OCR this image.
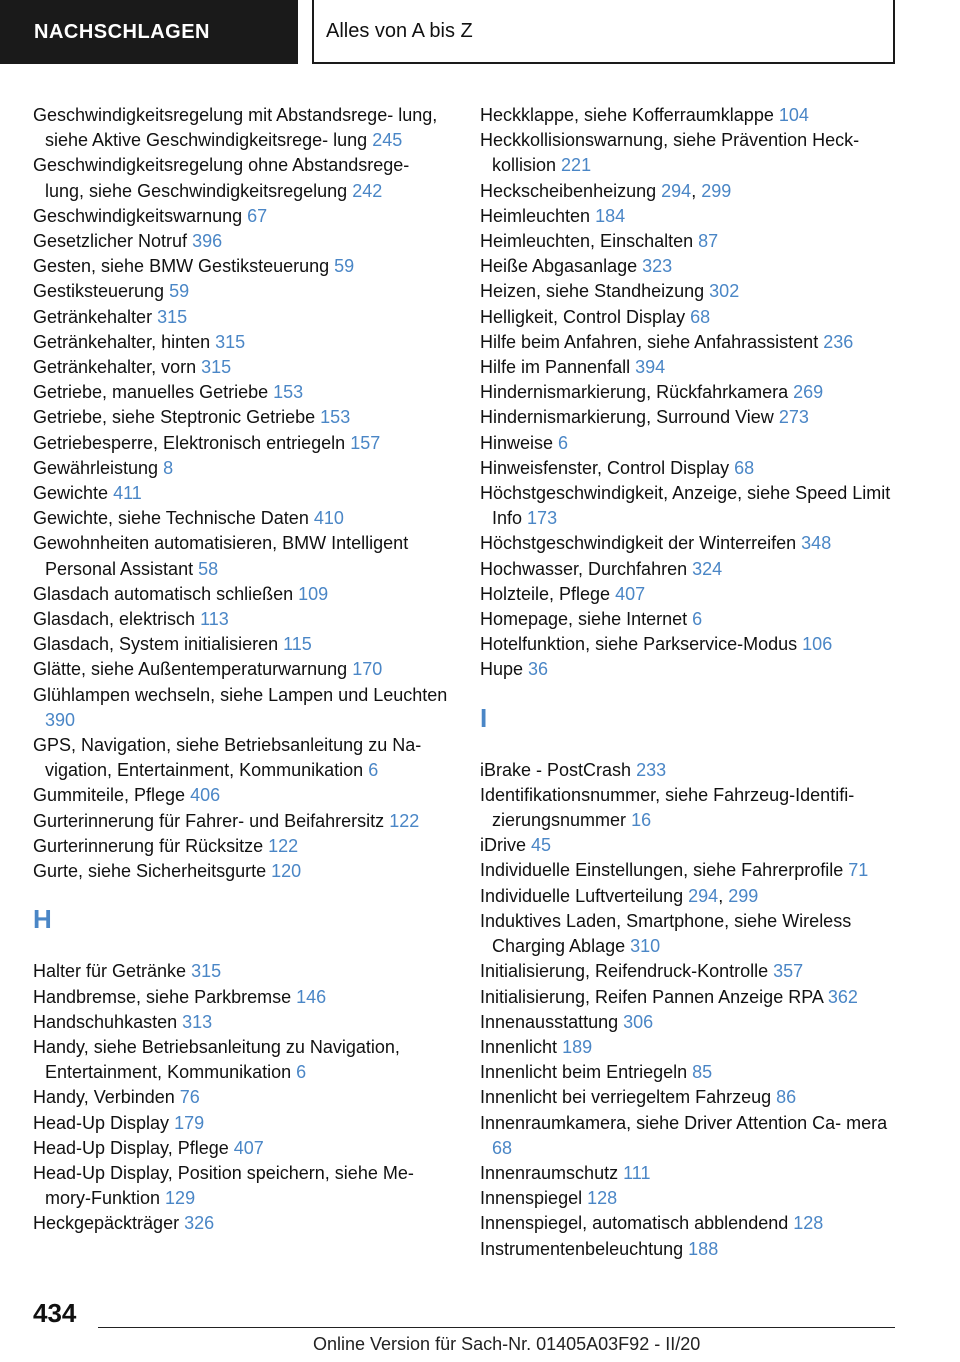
NACHSCHLAGEN	Alles von A bis Z

Geschwindigkeitsregelung mit Abstandsrege‐ lung, siehe Aktive Geschwindigkeitsrege‐ lung 245

Geschwindigkeitsregelung ohne Abstandsrege‐ lung, siehe Geschwindigkeitsregelung 242

Geschwindigkeitswarnung 67

Gesetzlicher Notruf 396

Gesten, siehe BMW Gestiksteuerung 59

Gestiksteuerung 59

Getränkehalter 315

Getränkehalter, hinten 315

Getränkehalter, vorn 315

Getriebe, manuelles Getriebe 153

Getriebe, siehe Steptronic Getriebe 153

Getriebesperre, Elektronisch entriegeln 157

Gewährleistung 8

Gewichte 411

Gewichte, siehe Technische Daten 410

Gewohnheiten automatisieren, BMW Intelligent Personal Assistant 58

Glasdach automatisch schließen 109

Glasdach, elektrisch 113

Glasdach, System initialisieren 115

Glätte, siehe Außentemperaturwarnung 170

Glühlampen wechseln, siehe Lampen und Leuchten 390

GPS, Navigation, siehe Betriebsanleitung zu Na‐ vigation, Entertainment, Kommunikation 6

Gummiteile, Pflege 406

Gurterinnerung für Fahrer- und Beifahrersitz 122

Gurterinnerung für Rücksitze 122

Gurte, siehe Sicherheitsgurte 120

H

Halter für Getränke 315

Handbremse, siehe Parkbremse 146

Handschuhkasten 313

Handy, siehe Betriebsanleitung zu Navigation, Entertainment, Kommunikation 6

Handy, Verbinden 76

Head-Up Display 179

Head-Up Display, Pflege 407

Head-Up Display, Position speichern, siehe Me‐ mory-Funktion 129

Heckgepäckträger 326

Heckklappe, siehe Kofferraumklappe 104

Heckkollisionswarnung, siehe Prävention Heck‐ kollision 221

Heckscheibenheizung 294, 299

Heimleuchten 184

Heimleuchten, Einschalten 87

Heiße Abgasanlage 323

Heizen, siehe Standheizung 302

Helligkeit, Control Display 68

Hilfe beim Anfahren, siehe Anfahrassistent 236

Hilfe im Pannenfall 394

Hindernismarkierung, Rückfahrkamera 269

Hindernismarkierung, Surround View 273

Hinweise 6

Hinweisfenster, Control Display 68

Höchstgeschwindigkeit, Anzeige, siehe Speed Limit Info 173

Höchstgeschwindigkeit der Winterreifen 348

Hochwasser, Durchfahren 324

Holzteile, Pflege 407

Homepage, siehe Internet 6

Hotelfunktion, siehe Parkservice-Modus 106

Hupe 36

I

iBrake - PostCrash 233

Identifikationsnummer, siehe Fahrzeug-Identifi‐ zierungsnummer 16

iDrive 45

Individuelle Einstellungen, siehe Fahrerprofile 71

Individuelle Luftverteilung 294, 299

Induktives Laden, Smartphone, siehe Wireless Charging Ablage 310

Initialisierung, Reifendruck-Kontrolle 357

Initialisierung, Reifen Pannen Anzeige RPA 362

Innenausstattung 306

Innenlicht 189

Innenlicht beim Entriegeln 85

Innenlicht bei verriegeltem Fahrzeug 86

Innenraumkamera, siehe Driver Attention Ca‐ mera 68

Innenraumschutz 111

Innenspiegel 128

Innenspiegel, automatisch abblendend 128

Instrumentenbeleuchtung 188

434
Online Version für Sach-Nr. 01405A03F92 - II/20
